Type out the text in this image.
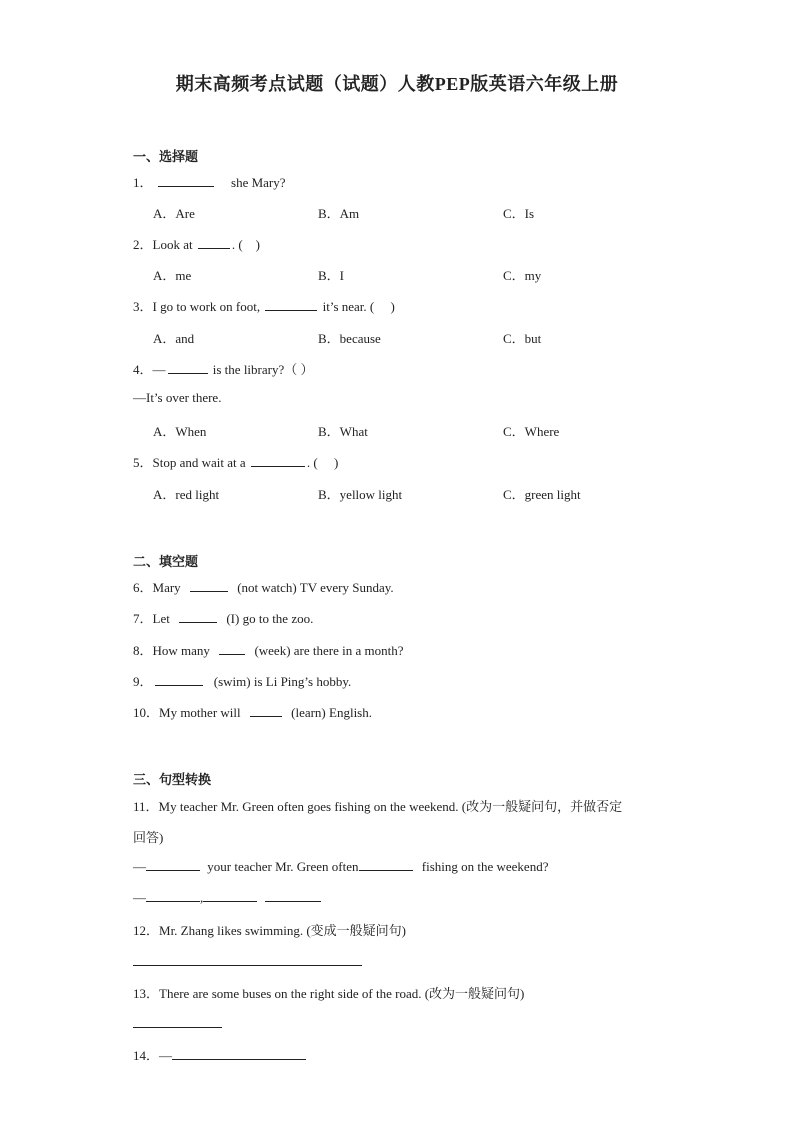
期末高频考点试题（试题）人教PEP版英语六年级上册
一、选择题
1．	she Mary?
A．Are	B．Am	C．Is
2．Look at	. (　)
A．me	B．I	C．my
3．I go to work on foot,	it’s near. (　 )
A．and	B．because	C．but
4．—	is the library?（ ）
—It’s over there.
A．When	B．What	C．Where
5．Stop and wait at a	. (　 )
A．red light	B．yellow light	C．green light
二、填空题
6．Mary	(not watch) TV every Sunday.
7．Let	(I) go to the zoo.
8．How many	(week) are there in a month?
9．	(swim) is Li Ping’s hobby.
10．My mother will	(learn) English.
三、句型转换
11．My teacher Mr. Green often goes fishing on the weekend. (改为一般疑问句，并做否定
回答)
—	your teacher Mr. Green often	fishing on the weekend?
—	,
12．Mr. Zhang likes swimming. (变成一般疑问句)
13．There are some buses on the right side of the road. (改为一般疑问句)
14．—
